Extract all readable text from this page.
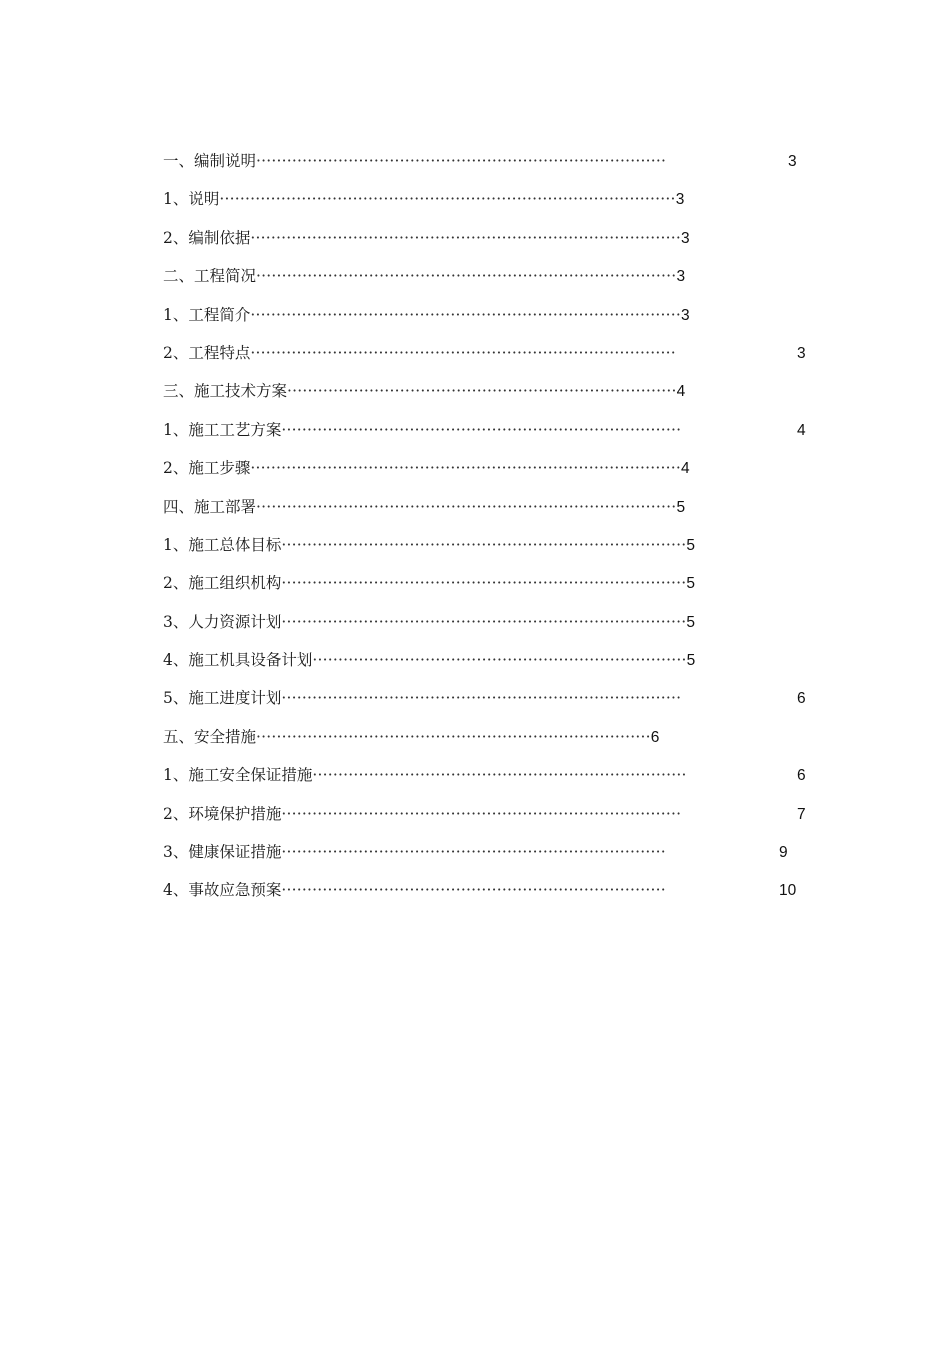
一、编制说明················································································	3
1、说明·························································································3
2、编制依据····················································································3
二、工程简况··················································································3
1、工程简介····················································································3
2、工程特点···················································································	3
三、施工技术方案············································································4
1、施工工艺方案··············································································	4
2、施工步骤····················································································4
四、施工部署··················································································5
1、施工总体目标···············································································5
2、施工组织机构···············································································5
3、人力资源计划···············································································5
4、施工机具设备计划·········································································5
5、施工进度计划··············································································	6
五、安全措施·············································································6
1、施工安全保证措施·········································································	6
2、环境保护措施··············································································	7
3、健康保证措施···········································································	9
4、事故应急预案···········································································	10
